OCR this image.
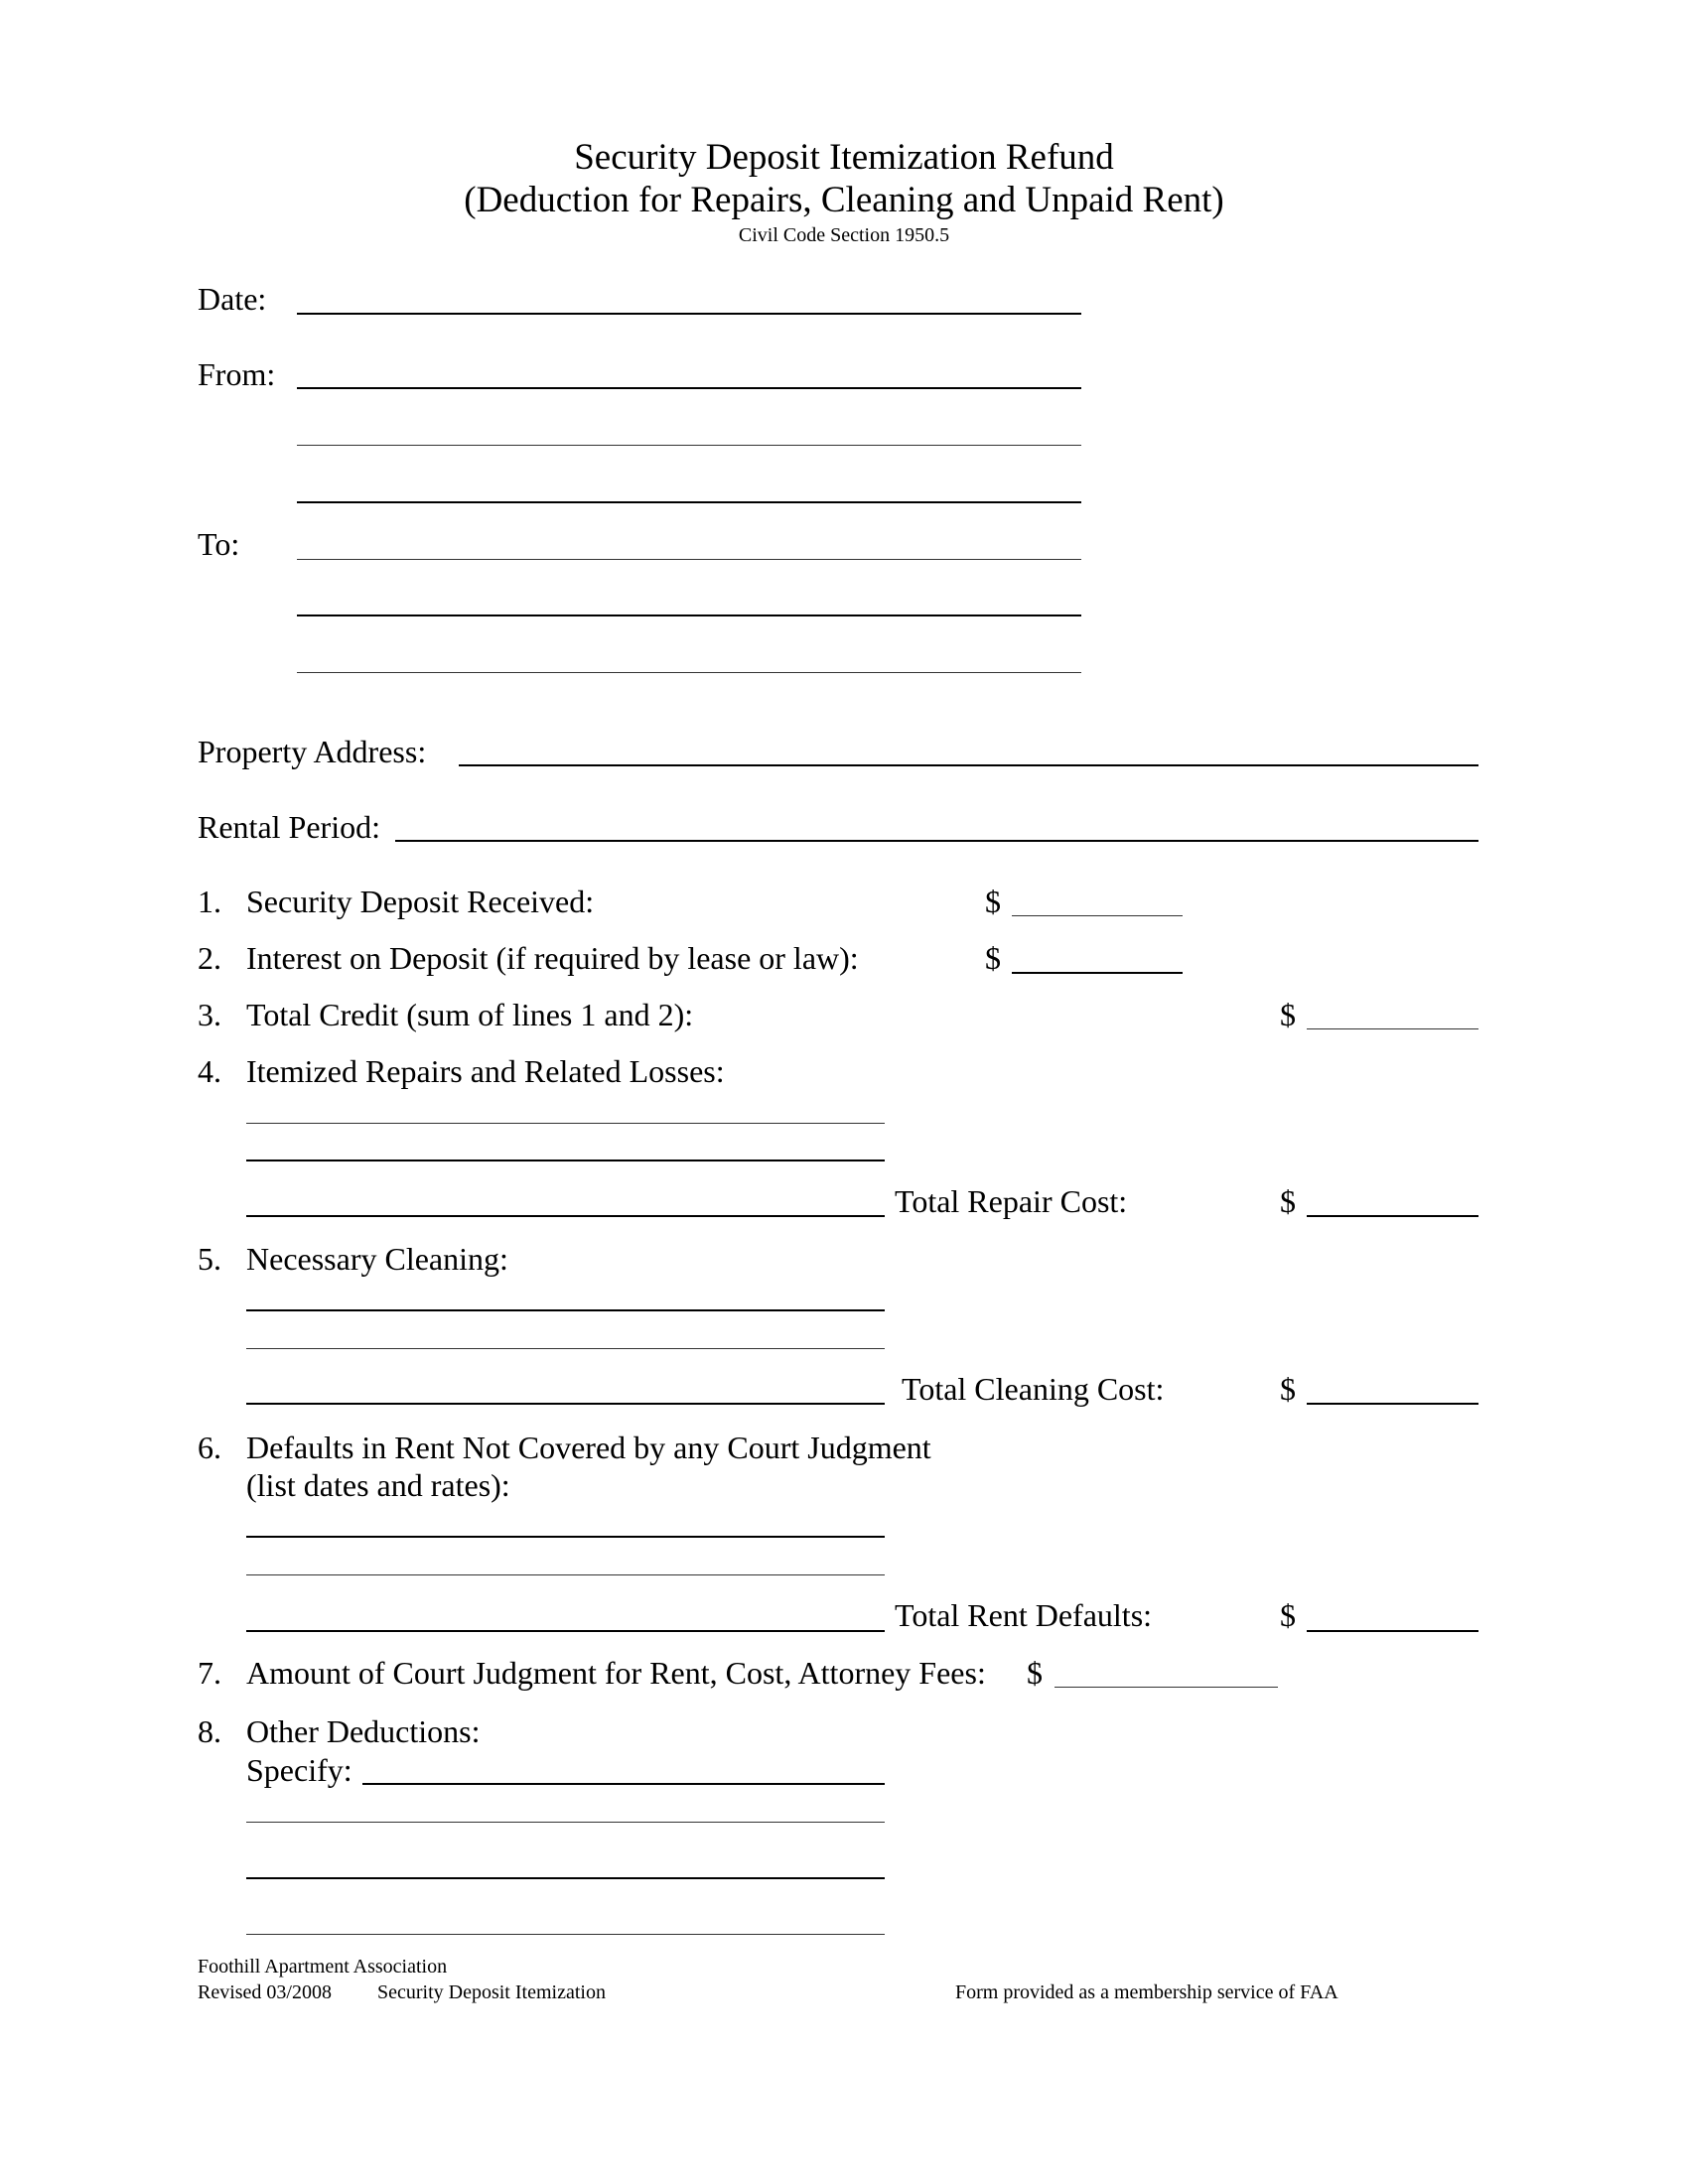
Security Deposit Itemization Refund
(Deduction for Repairs, Cleaning and Unpaid Rent)
Civil Code Section 1950.5
Date:
From:
To:
Property Address:
Rental Period:
1. Security Deposit Received:	$
2. Interest on Deposit (if required by lease or law):	$
3. Total Credit (sum of lines 1 and 2):	$
4. Itemized Repairs and Related Losses:
Total Repair Cost:	$
5. Necessary Cleaning:
Total Cleaning Cost:	$
6. Defaults in Rent Not Covered by any Court Judgment
(list dates and rates):
Total Rent Defaults:	$
7. Amount of Court Judgment for Rent, Cost, Attorney Fees: $
8. Other Deductions:
Specify:
Foothill Apartment Association
Revised 03/2008 Security Deposit Itemization	Form provided as a membership service of FAA
